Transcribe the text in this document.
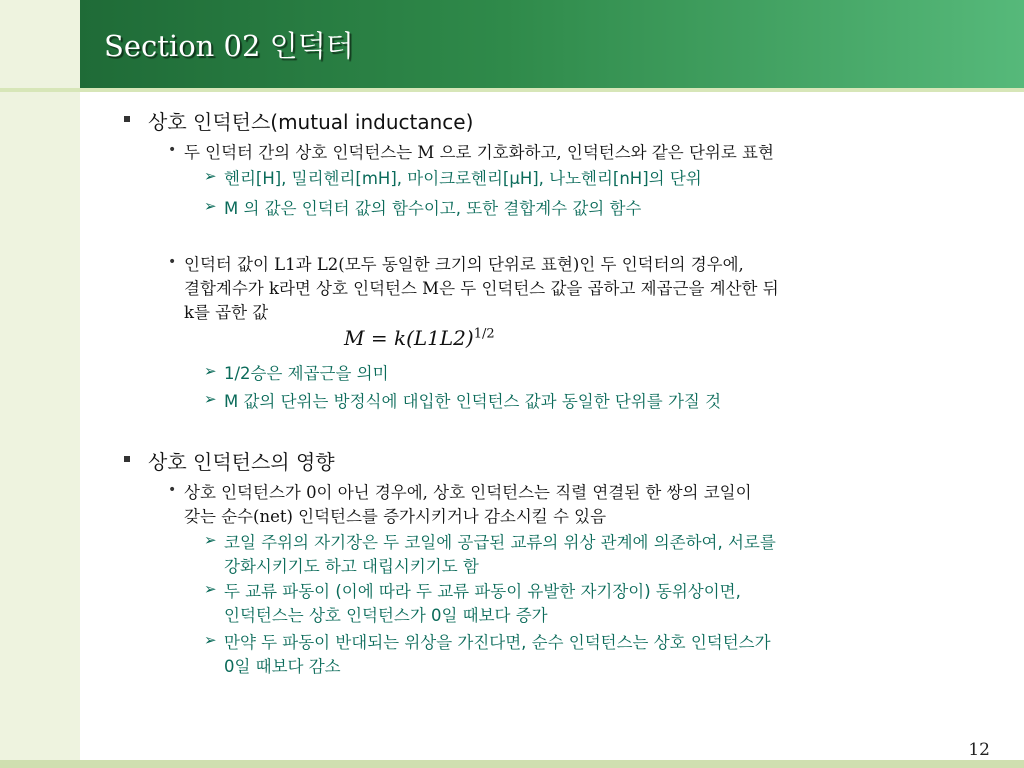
Section 02 인덕터
상호 인덕턴스(mutual inductance)
• 두 인덕터 간의 상호 인덕턴스는 M 으로 기호화하고, 인덕턴스와 같은 단위로 표현
➢ 헨리[H], 밀리헨리[mH], 마이크로헨리[μH], 나노헨리[nH]의 단위
➢ M 의 값은 인덕터 값의 함수이고, 또한 결합계수 값의 함수
• 인덕터 값이 L1과 L2(모두 동일한 크기의 단위로 표현)인 두 인덕터의 경우에,
결합계수가 k라면 상호 인덕턴스 M은 두 인덕턴스 값을 곱하고 제곱근을 계산한 뒤
k를 곱한 값
$M = k(L1L2)^{1/2}$
➢ 1/2승은 제곱근을 의미
➢ M 값의 단위는 방정식에 대입한 인덕턴스 값과 동일한 단위를 가질 것
상호 인덕턴스의 영향
• 상호 인덕턴스가 0이 아닌 경우에, 상호 인덕턴스는 직렬 연결된 한 쌍의 코일이
갖는 순수(net) 인덕턴스를 증가시키거나 감소시킬 수 있음
➢ 코일 주위의 자기장은 두 코일에 공급된 교류의 위상 관계에 의존하여, 서로를
강화시키기도 하고 대립시키기도 함
➢ 두 교류 파동이 (이에 따라 두 교류 파동이 유발한 자기장이) 동위상이면,
인덕턴스는 상호 인덕턴스가 0일 때보다 증가
➢ 만약 두 파동이 반대되는 위상을 가진다면, 순수 인덕턴스는 상호 인덕턴스가
0일 때보다 감소
12
